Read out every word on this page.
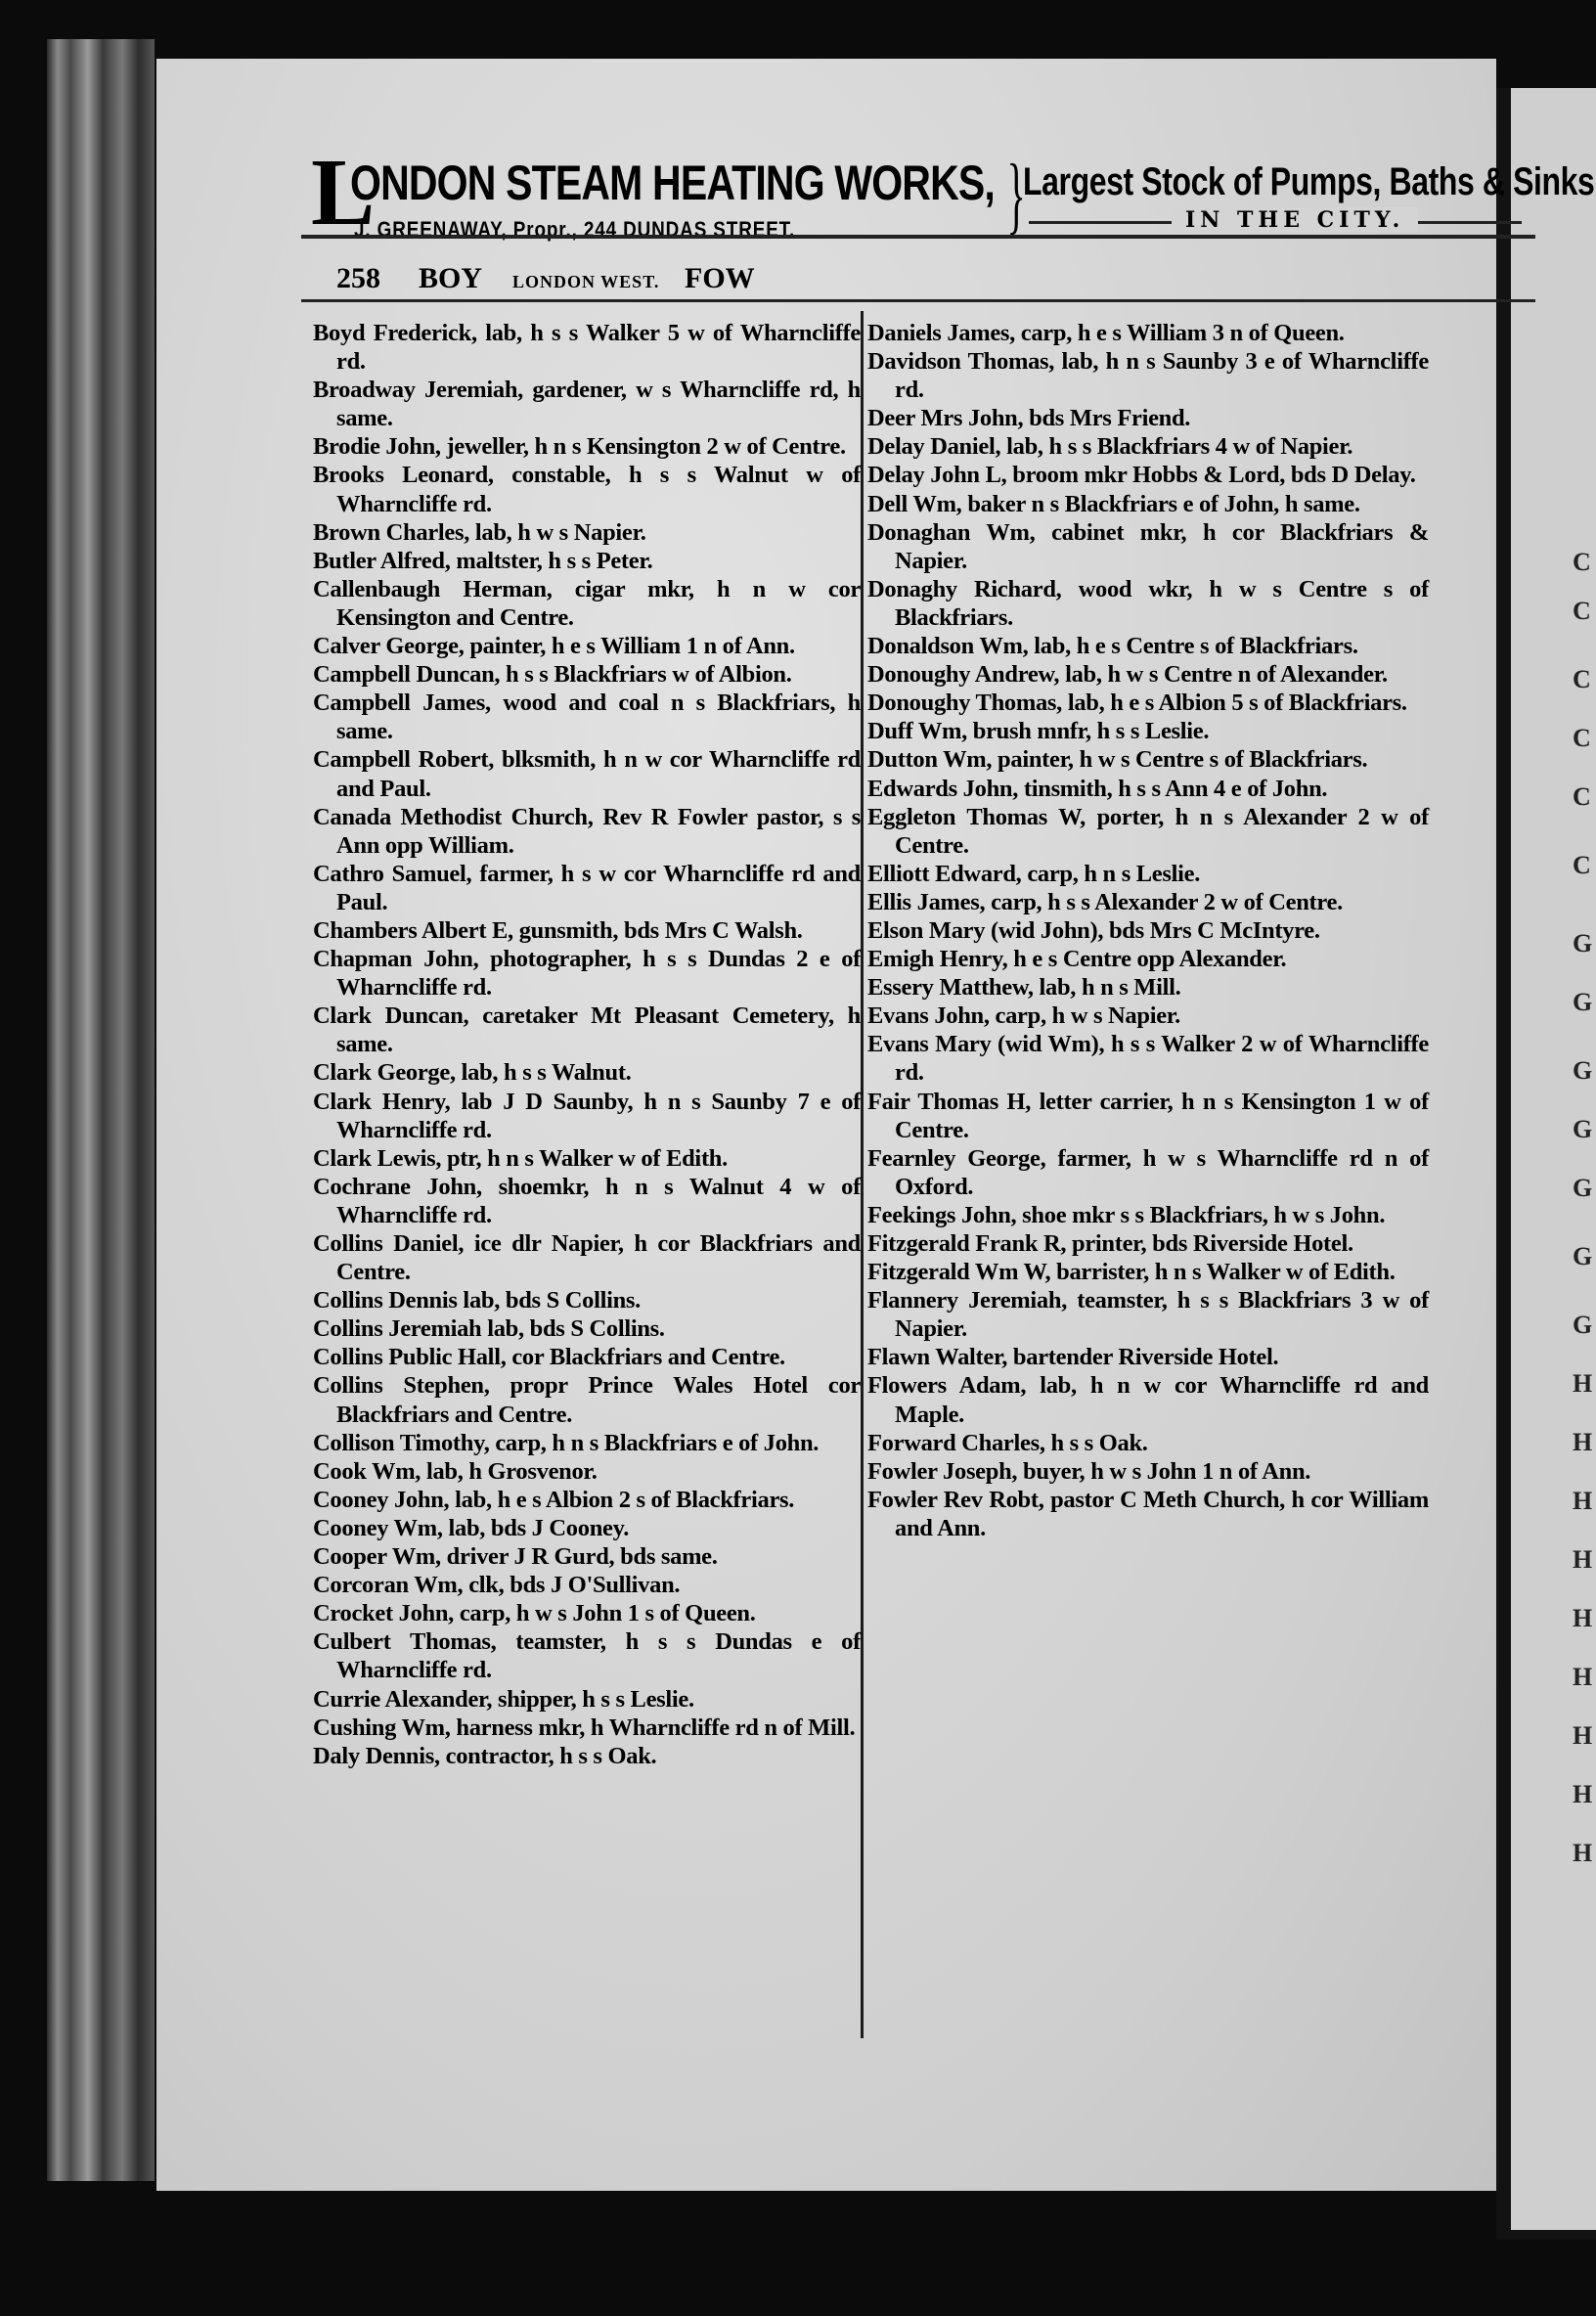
C
C
C
C
C
C
G
G
G
G
G
G
G
H
H
H
H
H
H
H
H
H
L
ONDON STEAM HEATING WORKS,
J. GREENAWAY, Propr., 244 DUNDAS STREET. }
Largest Stock of Pumps, Baths & Sinks
IN THE CITY.
258 BOY LONDON WEST. FOW

Boyd Frederick, lab, h s s Walker 5 w of Wharncliffe rd.

Broadway Jeremiah, gardener, w s Wharncliffe rd, h same.

Brodie John, jeweller, h n s Kensington 2 w of Centre.

Brooks Leonard, constable, h s s Walnut w of Wharncliffe rd.

Brown Charles, lab, h w s Napier.

Butler Alfred, maltster, h s s Peter.

Callenbaugh Herman, cigar mkr, h n w cor Kensington and Centre.

Calver George, painter, h e s William 1 n of Ann.

Campbell Duncan, h s s Blackfriars w of Albion.

Campbell James, wood and coal n s Blackfriars, h same.

Campbell Robert, blksmith, h n w cor Wharncliffe rd and Paul.

Canada Methodist Church, Rev R Fowler pastor, s s Ann opp William.

Cathro Samuel, farmer, h s w cor Wharncliffe rd and Paul.

Chambers Albert E, gunsmith, bds Mrs C Walsh.

Chapman John, photographer, h s s Dundas 2 e of Wharncliffe rd.

Clark Duncan, caretaker Mt Pleasant Cemetery, h same.

Clark George, lab, h s s Walnut.

Clark Henry, lab J D Saunby, h n s Saunby 7 e of Wharncliffe rd.

Clark Lewis, ptr, h n s Walker w of Edith.

Cochrane John, shoemkr, h n s Walnut 4 w of Wharncliffe rd.

Collins Daniel, ice dlr Napier, h cor Blackfriars and Centre.

Collins Dennis lab, bds S Collins.

Collins Jeremiah lab, bds S Collins.

Collins Public Hall, cor Blackfriars and Centre.

Collins Stephen, propr Prince Wales Hotel cor Blackfriars and Centre.

Collison Timothy, carp, h n s Blackfriars e of John.

Cook Wm, lab, h Grosvenor.

Cooney John, lab, h e s Albion 2 s of Blackfriars.

Cooney Wm, lab, bds J Cooney.

Cooper Wm, driver J R Gurd, bds same.

Corcoran Wm, clk, bds J O'Sullivan.

Crocket John, carp, h w s John 1 s of Queen.

Culbert Thomas, teamster, h s s Dundas e of Wharncliffe rd.

Currie Alexander, shipper, h s s Leslie.

Cushing Wm, harness mkr, h Wharncliffe rd n of Mill.

Daly Dennis, contractor, h s s Oak.

Daniels James, carp, h e s William 3 n of Queen.

Davidson Thomas, lab, h n s Saunby 3 e of Wharncliffe rd.

Deer Mrs John, bds Mrs Friend.

Delay Daniel, lab, h s s Blackfriars 4 w of Napier.

Delay John L, broom mkr Hobbs & Lord, bds D Delay.

Dell Wm, baker n s Blackfriars e of John, h same.

Donaghan Wm, cabinet mkr, h cor Blackfriars & Napier.

Donaghy Richard, wood wkr, h w s Centre s of Blackfriars.

Donaldson Wm, lab, h e s Centre s of Blackfriars.

Donoughy Andrew, lab, h w s Centre n of Alexander.

Donoughy Thomas, lab, h e s Albion 5 s of Blackfriars.

Duff Wm, brush mnfr, h s s Leslie.

Dutton Wm, painter, h w s Centre s of Blackfriars.

Edwards John, tinsmith, h s s Ann 4 e of John.

Eggleton Thomas W, porter, h n s Alexander 2 w of Centre.

Elliott Edward, carp, h n s Leslie.

Ellis James, carp, h s s Alexander 2 w of Centre.

Elson Mary (wid John), bds Mrs C McIntyre.

Emigh Henry, h e s Centre opp Alexander.

Essery Matthew, lab, h n s Mill.

Evans John, carp, h w s Napier.

Evans Mary (wid Wm), h s s Walker 2 w of Wharncliffe rd.

Fair Thomas H, letter carrier, h n s Kensington 1 w of Centre.

Fearnley George, farmer, h w s Wharncliffe rd n of Oxford.

Feekings John, shoe mkr s s Blackfriars, h w s John.

Fitzgerald Frank R, printer, bds Riverside Hotel.

Fitzgerald Wm W, barrister, h n s Walker w of Edith.

Flannery Jeremiah, teamster, h s s Blackfriars 3 w of Napier.

Flawn Walter, bartender Riverside Hotel.

Flowers Adam, lab, h n w cor Wharncliffe rd and Maple.

Forward Charles, h s s Oak.

Fowler Joseph, buyer, h w s John 1 n of Ann.

Fowler Rev Robt, pastor C Meth Church, h cor William and Ann.
